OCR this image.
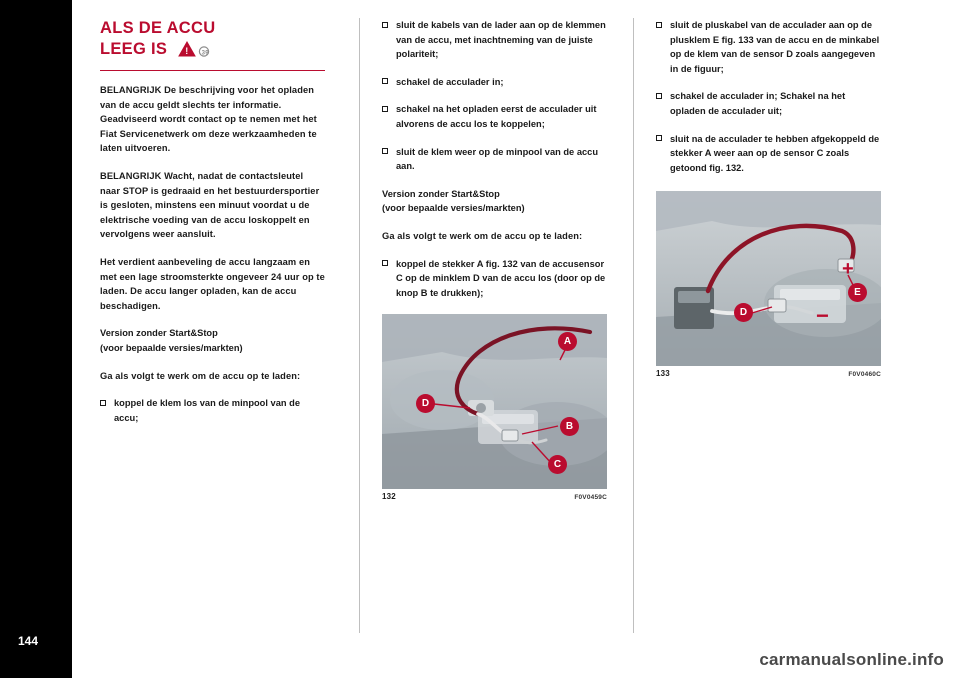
144
ALS DE ACCU
LEEG IS ! 39

BELANGRIJK De beschrijving voor het opladen van de accu geldt slechts ter informatie. Geadviseerd wordt contact op te nemen met het Fiat Servicenetwerk om deze werkzaamheden te laten uitvoeren.

BELANGRIJK Wacht, nadat de contactsleutel naar STOP is gedraaid en het bestuurdersportier is gesloten, minstens een minuut voordat u de elektrische voeding van de accu loskoppelt en vervolgens weer aansluit.

Het verdient aanbeveling de accu langzaam en met een lage stroomsterkte ongeveer 24 uur op te laden. De accu langer opladen, kan de accu beschadigen.

Version zonder Start&Stop
(voor bepaalde versies/markten)

Ga als volgt te werk om de accu op te laden:

koppel de klem los van de minpool van de accu;
sluit de kabels van de lader aan op de klemmen van de accu, met inachtneming van de juiste polariteit;
schakel de acculader in;
schakel na het opladen eerst de acculader uit alvorens de accu los te koppelen;
sluit de klem weer op de minpool van de accu aan.
Version zonder Start&Stop
(voor bepaalde versies/markten)

Ga als volgt te werk om de accu op te laden:

koppel de stekker A fig. 132 van de accusensor C op de minklem D van de accu los (door op de knop B te drukken);
A
B
C
D
132	F0V0459C
sluit de pluskabel van de acculader aan op de plusklem E fig. 133 van de accu en de minkabel op de klem van de sensor D zoals aangegeven in de figuur;
schakel de acculader in; Schakel na het opladen de acculader uit;
sluit na de acculader te hebben afgekoppeld de stekker A weer aan op de sensor C zoals getoond fig. 132.
+
−
D
E
133	F0V0460C
carmanualsonline.info
